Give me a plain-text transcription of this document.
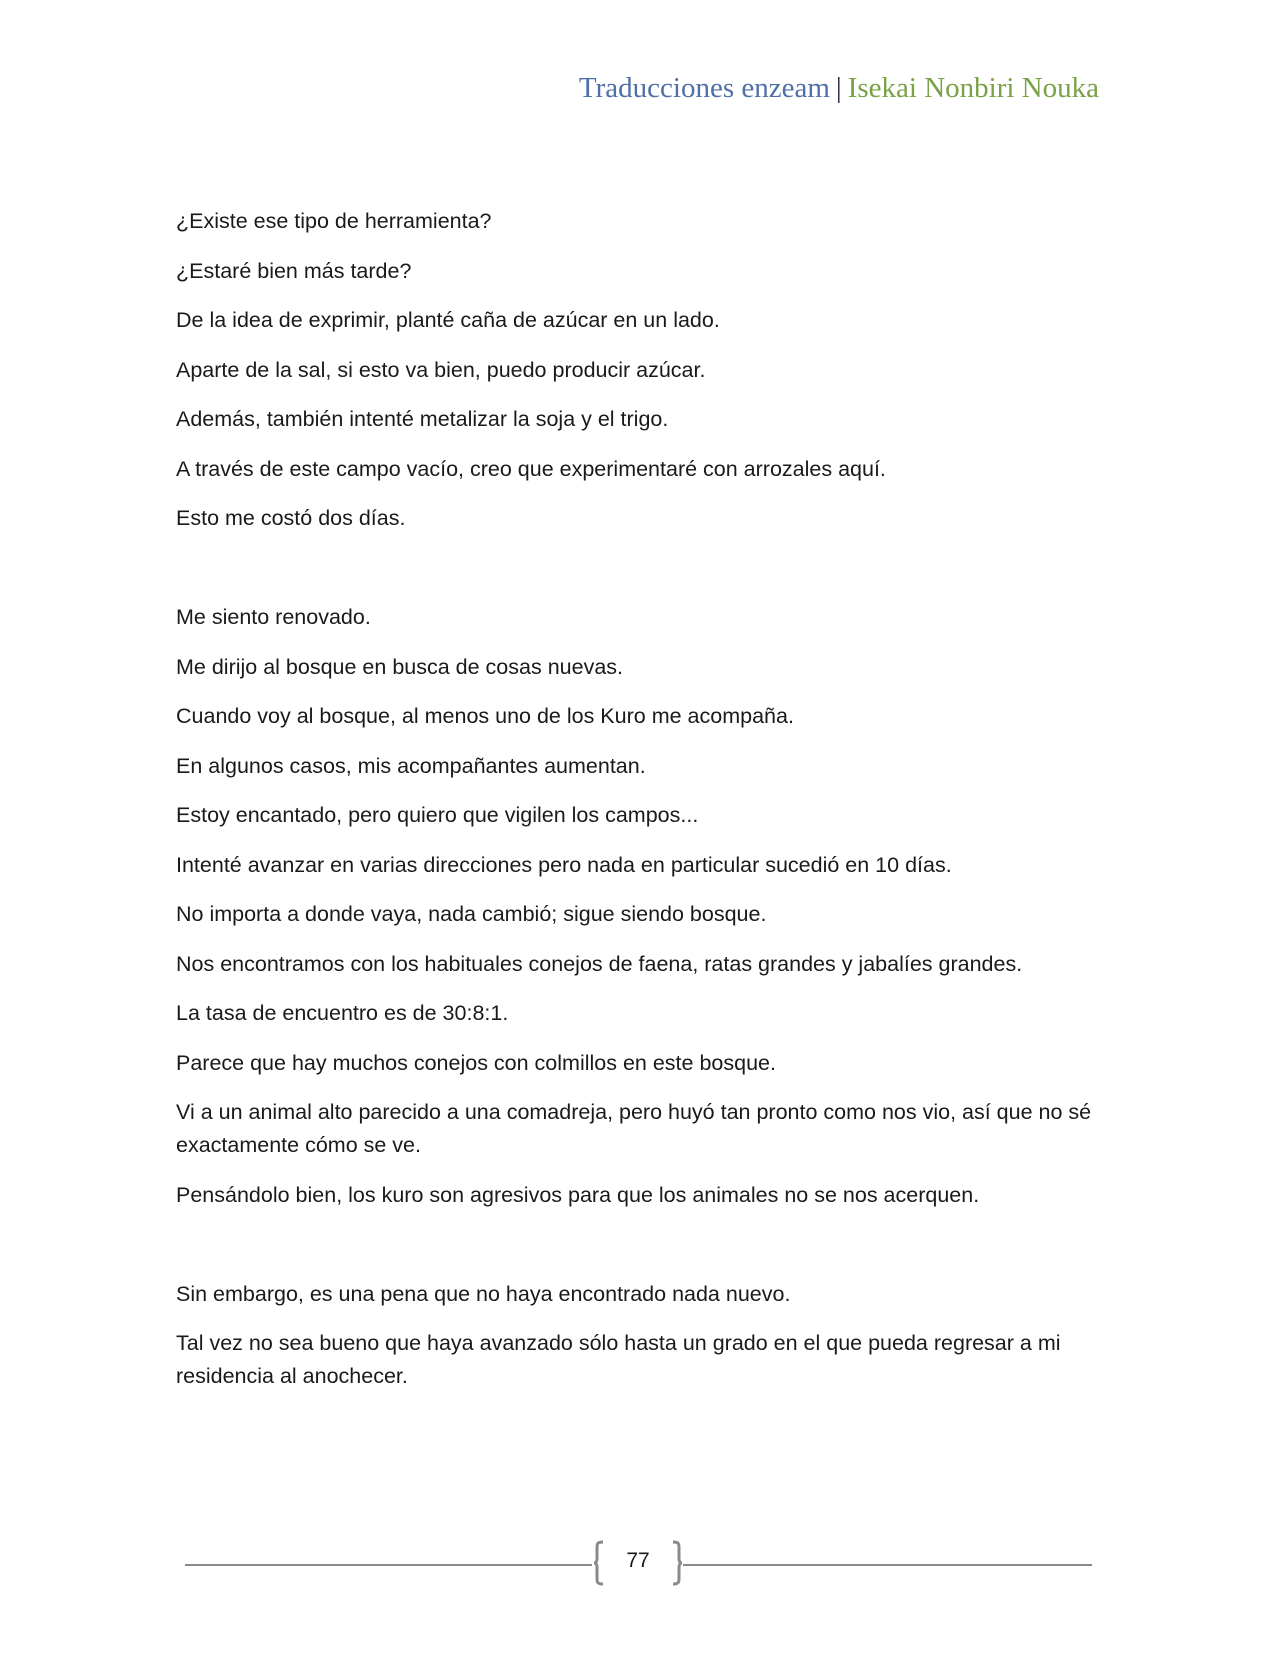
Traducciones enzeam | Isekai Nonbiri Nouka

¿Existe ese tipo de herramienta?

¿Estaré bien más tarde?

De la idea de exprimir, planté caña de azúcar en un lado.

Aparte de la sal, si esto va bien, puedo producir azúcar.

Además, también intenté metalizar la soja y el trigo.

A través de este campo vacío, creo que experimentaré con arrozales aquí.

Esto me costó dos días.

Me siento renovado.

Me dirijo al bosque en busca de cosas nuevas.

Cuando voy al bosque, al menos uno de los Kuro me acompaña.

En algunos casos, mis acompañantes aumentan.

Estoy encantado, pero quiero que vigilen los campos...

Intenté avanzar en varias direcciones pero nada en particular sucedió en 10 días.

No importa a donde vaya, nada cambió; sigue siendo bosque.

Nos encontramos con los habituales conejos de faena, ratas grandes y jabalíes grandes.

La tasa de encuentro es de 30:8:1.

Parece que hay muchos conejos con colmillos en este bosque.

Vi a un animal alto parecido a una comadreja, pero huyó tan pronto como nos vio, así que no sé exactamente cómo se ve.

Pensándolo bien, los kuro son agresivos para que los animales no se nos acerquen.

Sin embargo, es una pena que no haya encontrado nada nuevo.

Tal vez no sea bueno que haya avanzado sólo hasta un grado en el que pueda regresar a mi residencia al anochecer.

77
